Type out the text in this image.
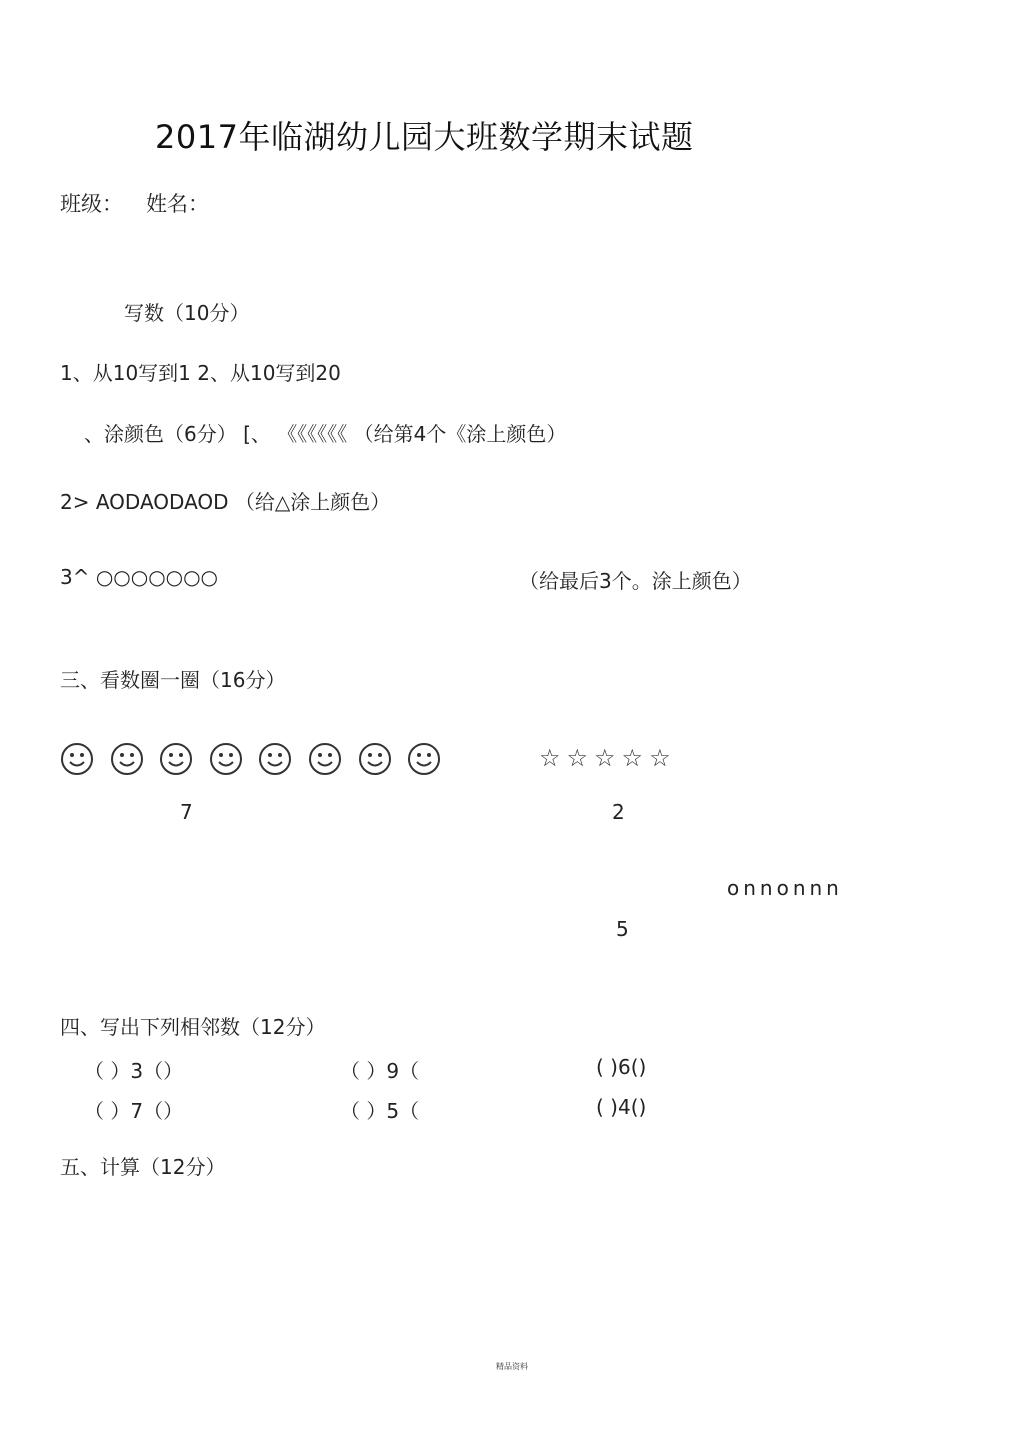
2017年临湖幼儿园大班数学期末试题
班级： 姓名：
写数（10分）
1、从10写到1 2、从10写到20
、涂颜色（6分） [、 《《《《《《 （给第4个《涂上颜色）
2> AODAODAOD （给△涂上颜色）
3^ ○○○○○○○	（给最后3个。涂上颜色）
三、看数圈一圈（16分）

☆☆☆☆☆
7	2
onnonnn
5
四、写出下列相邻数（12分）
（ ）3（）	（ ）9（	( )6()
（ ）7（）	（ ）5（	( )4()
五、计算（12分）
精品资料
